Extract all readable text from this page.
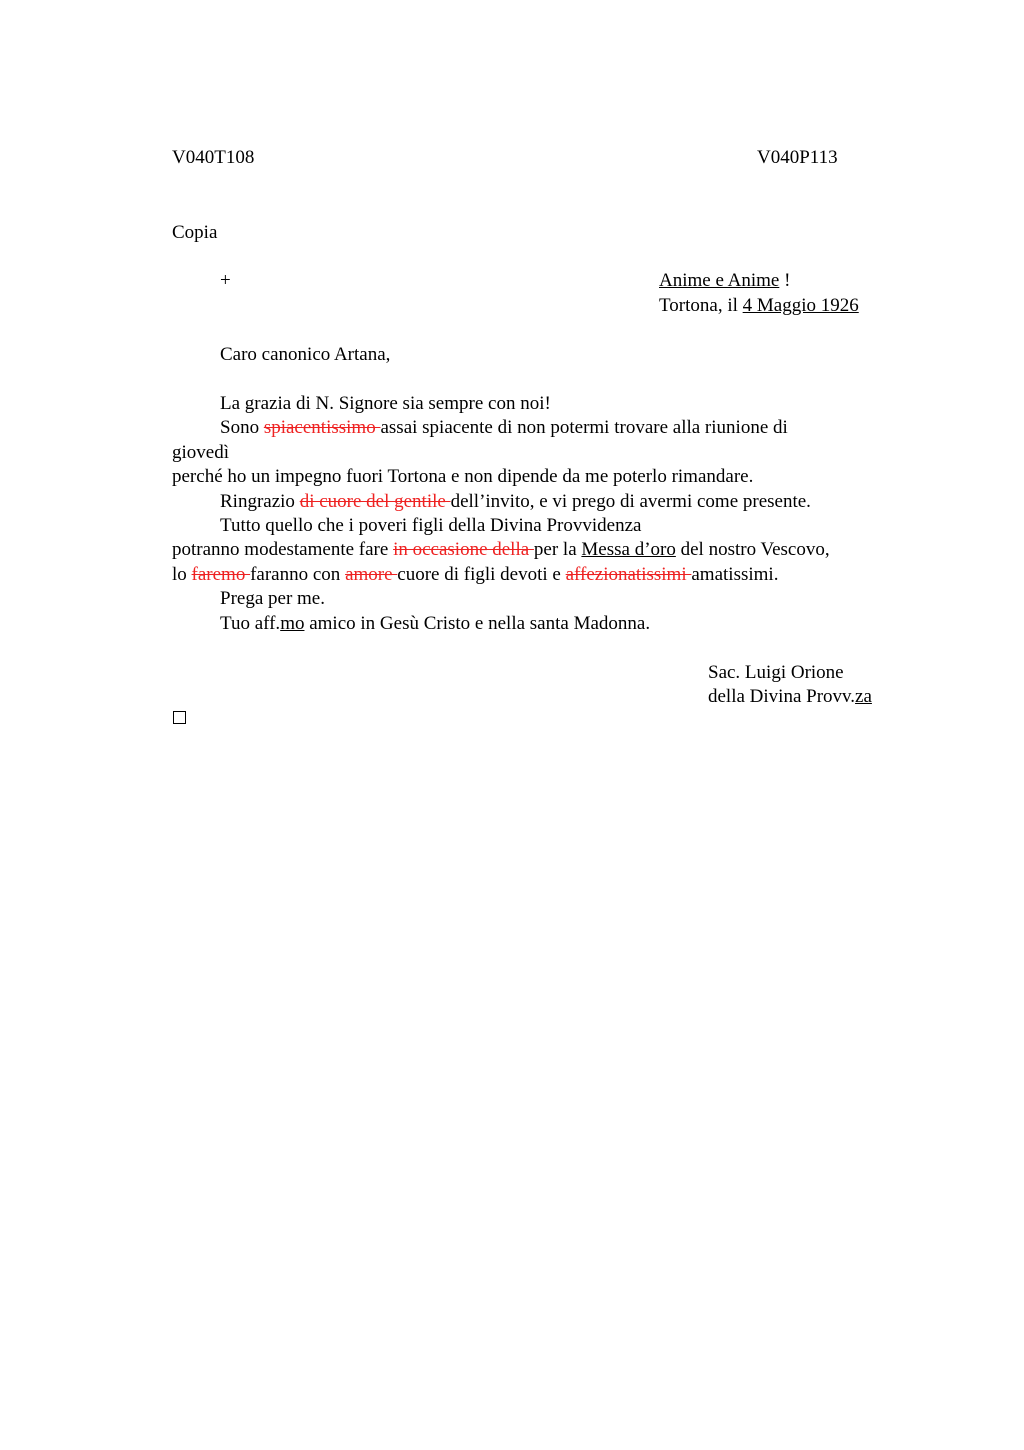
V040T108	V040P113
Copia
+	Anime e Anime !
Tortona, il 4 Maggio 1926
Caro canonico Artana,
La grazia di N. Signore sia sempre con noi!
Sono spiacentissimo assai spiacente di non potermi trovare alla riunione di
giovedì
perché ho un impegno fuori Tortona e non dipende da me poterlo rimandare.
Ringrazio di cuore del gentile dell’invito, e vi prego di avermi come presente.
Tutto quello che i poveri figli della Divina Provvidenza
potranno modestamente fare in occasione della per la Messa d’oro del nostro Vescovo,
lo faremo faranno con amore cuore di figli devoti e affezionatissimi amatissimi.
Prega per me.
Tuo aff.mo amico in Gesù Cristo e nella santa Madonna.
Sac. Luigi Orione
della Divina Provv.za
